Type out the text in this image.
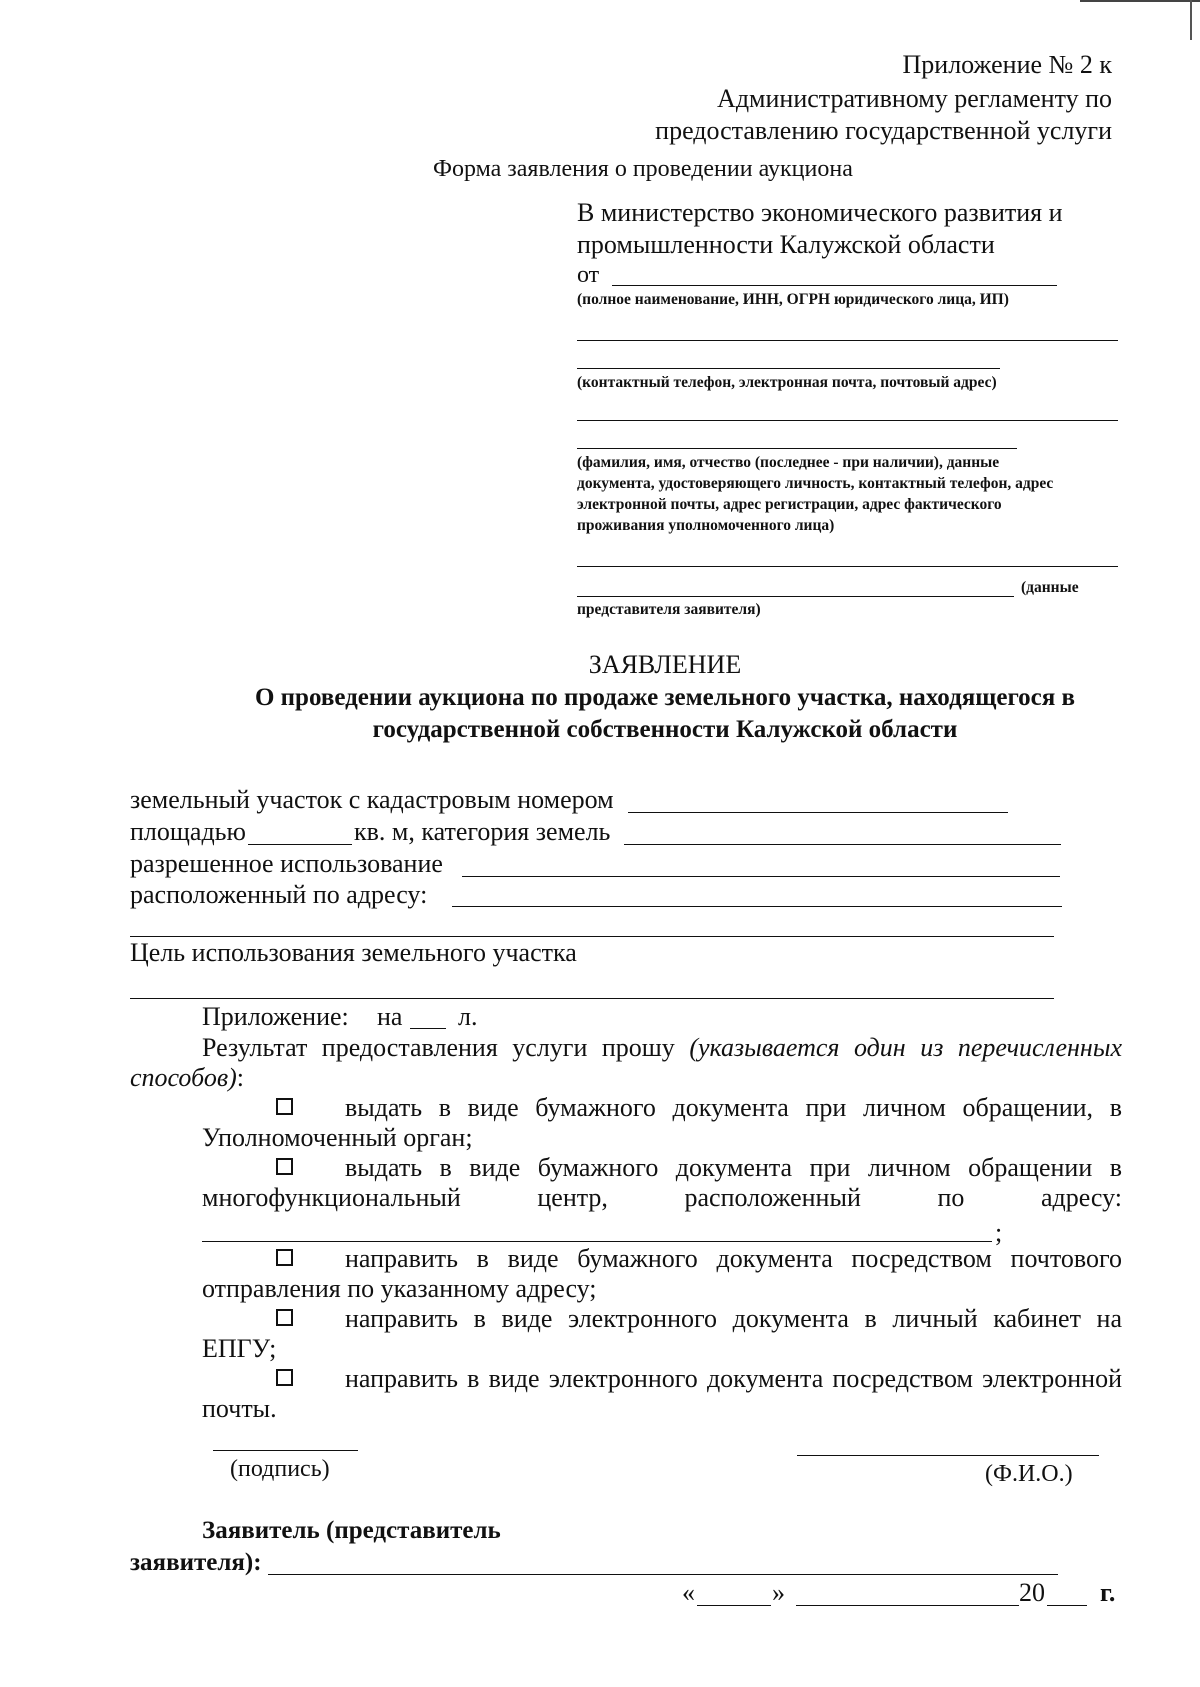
Приложение № 2 к
Административному регламенту по
предоставлению государственной услуги
Форма заявления о проведении аукциона
В министерство экономического развития и
промышленности Калужской области
от
(полное наименование, ИНН, ОГРН юридического лица, ИП)
(контактный телефон, электронная почта, почтовый адрес)
(фамилия, имя, отчество (последнее - при наличии), данные
документа, удостоверяющего личность, контактный телефон, адрес
электронной почты, адрес регистрации, адрес фактического
проживания уполномоченного лица)
(данные
представителя заявителя)
ЗАЯВЛЕНИЕ
О проведении аукциона по продаже земельного участка, находящегося в
государственной собственности Калужской области
земельный участок с кадастровым номером
площадью	кв. м, категория земель
разрешенное использование
расположенный по адресу:
Цель использования земельного участка
Приложение: на л.
Результат предоставления услуги прошу (указывается один из перечисленных
способов):
выдать в виде бумажного документа при личном обращении, в
Уполномоченный орган;
выдать в виде бумажного документа при личном обращении в
многофункциональный центр, расположенный по адресу:
;
направить в виде бумажного документа посредством почтового
отправления по указанному адресу;
направить в виде электронного документа в личный кабинет на
ЕПГУ;
направить в виде электронного документа посредством электронной
почты.
(подпись)	(Ф.И.О.)
Заявитель (представитель
заявителя):
«	»	20 г.
